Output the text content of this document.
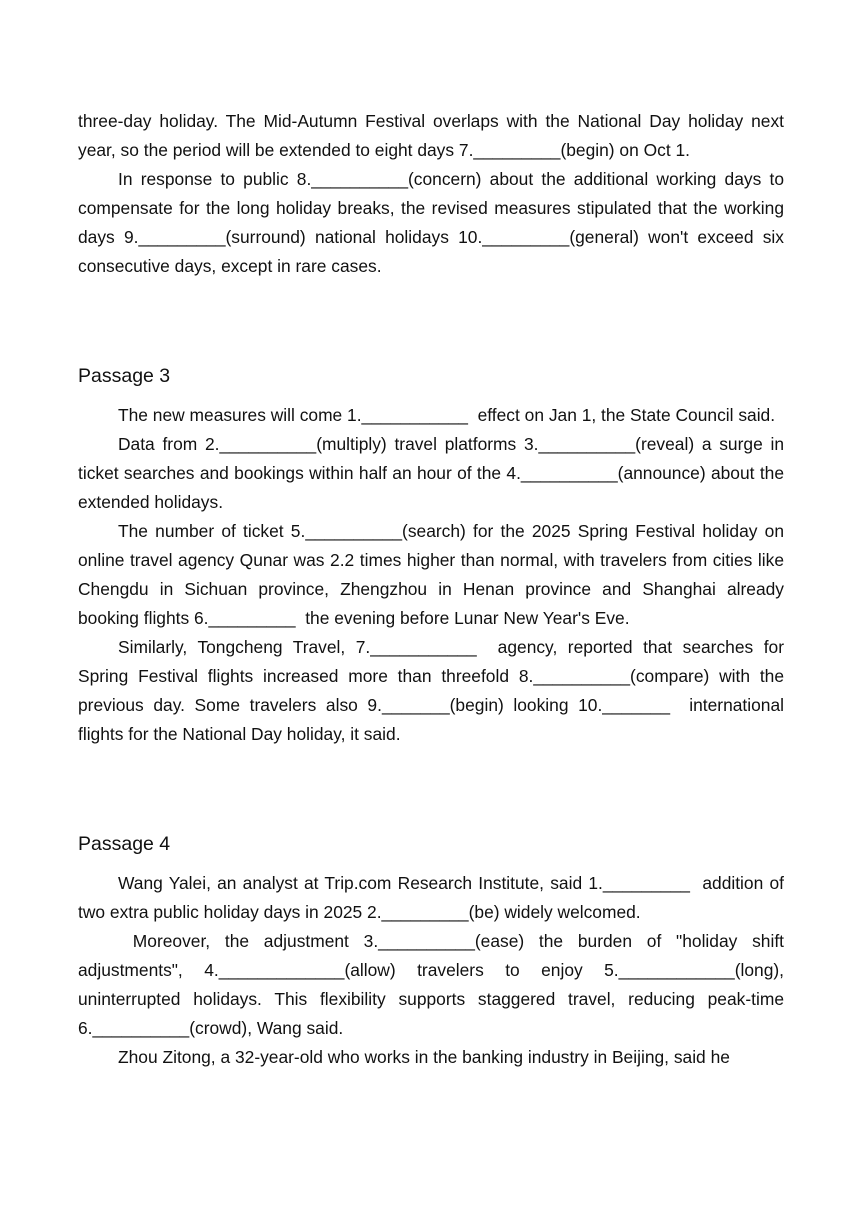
three-day holiday. The Mid-Autumn Festival overlaps with the National Day holiday next year, so the period will be extended to eight days 7._________(begin) on Oct 1.

In response to public 8.__________(concern) about the additional working days to compensate for the long holiday breaks, the revised measures stipulated that the working days 9._________(surround) national holidays 10._________(general) won't exceed six consecutive days, except in rare cases.

Passage 3

The new measures will come 1.___________  effect on Jan 1, the State Council said.

Data from 2.__________(multiply) travel platforms 3.__________(reveal) a surge in ticket searches and bookings within half an hour of the 4.__________(announce) about the extended holidays.

The number of ticket 5.__________(search) for the 2025 Spring Festival holiday on online travel agency Qunar was 2.2 times higher than normal, with travelers from cities like Chengdu in Sichuan province, Zhengzhou in Henan province and Shanghai already booking flights 6._________  the evening before Lunar New Year's Eve.

Similarly, Tongcheng Travel, 7.___________  agency, reported that searches for Spring Festival flights increased more than threefold 8.__________(compare) with the previous day. Some travelers also 9._______(begin) looking 10._______  international flights for the National Day holiday, it said.

Passage 4

Wang Yalei, an analyst at Trip.com Research Institute, said 1._________  addition of two extra public holiday days in 2025 2._________(be) widely welcomed.

Moreover, the adjustment 3.__________(ease) the burden of "holiday shift adjustments", 4._____________(allow) travelers to enjoy 5.____________(long), uninterrupted holidays. This flexibility supports staggered travel, reducing peak-time 6.__________(crowd), Wang said.

Zhou Zitong, a 32-year-old who works in the banking industry in Beijing, said he
